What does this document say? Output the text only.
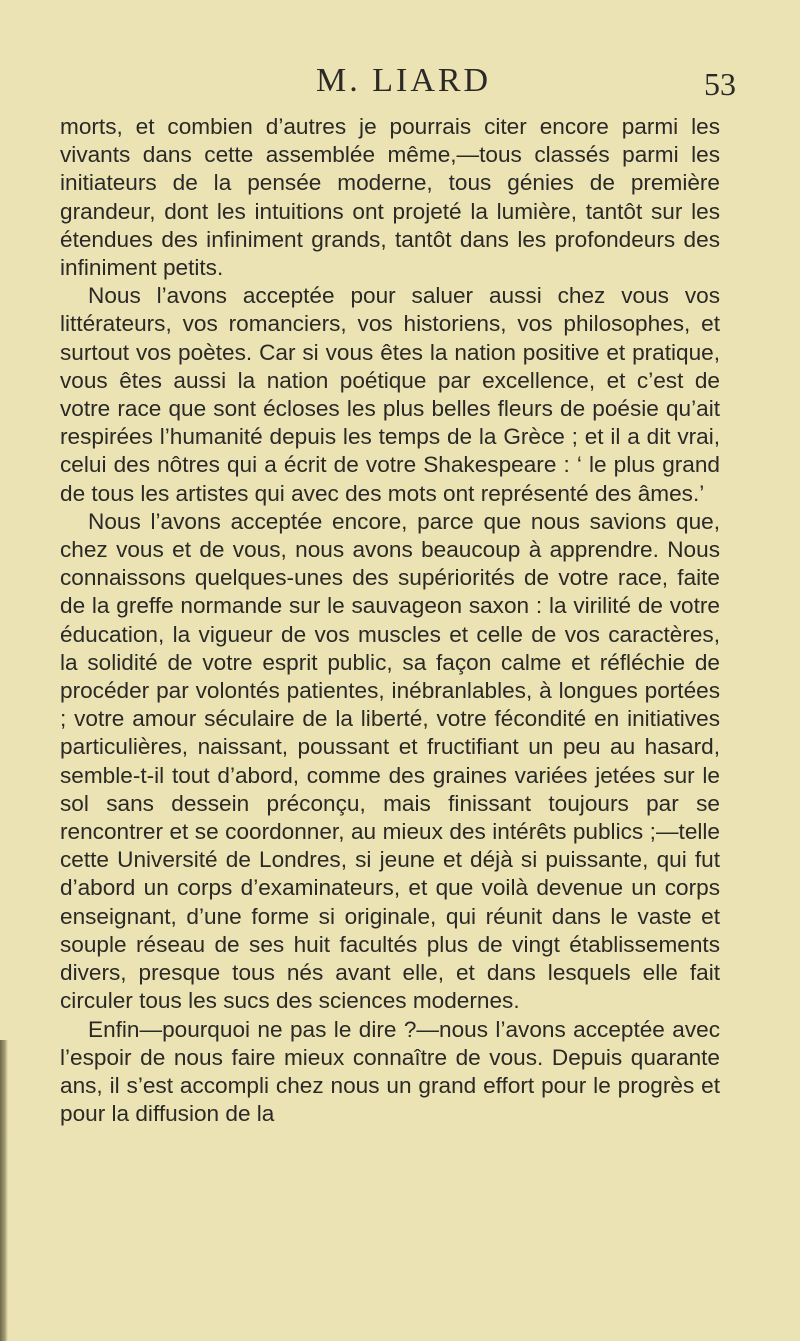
M. LIARD	53

morts, et combien d’autres je pourrais citer encore parmi les vivants dans cette assemblée même,—tous classés parmi les initiateurs de la pensée moderne, tous génies de première grandeur, dont les intuitions ont projeté la lumière, tantôt sur les étendues des infiniment grands, tantôt dans les profondeurs des infiniment petits.

Nous l’avons acceptée pour saluer aussi chez vous vos littérateurs, vos romanciers, vos historiens, vos philosophes, et surtout vos poètes. Car si vous êtes la nation positive et pratique, vous êtes aussi la nation poétique par excellence, et c’est de votre race que sont écloses les plus belles fleurs de poésie qu’ait respirées l’humanité depuis les temps de la Grèce ; et il a dit vrai, celui des nôtres qui a écrit de votre Shakespeare : ‘ le plus grand de tous les artistes qui avec des mots ont représenté des âmes.’

Nous l’avons acceptée encore, parce que nous savions que, chez vous et de vous, nous avons beaucoup à apprendre. Nous connaissons quelques-unes des supériorités de votre race, faite de la greffe normande sur le sauvageon saxon : la virilité de votre éducation, la vigueur de vos muscles et celle de vos caractères, la solidité de votre esprit public, sa façon calme et réfléchie de procéder par volontés patientes, inébranlables, à longues portées ; votre amour séculaire de la liberté, votre fécondité en initiatives particulières, naissant, poussant et fructifiant un peu au hasard, semble-t-il tout d’abord, comme des graines variées jetées sur le sol sans dessein préconçu, mais finissant toujours par se rencontrer et se coordonner, au mieux des intérêts publics ;—telle cette Université de Londres, si jeune et déjà si puissante, qui fut d’abord un corps d’examinateurs, et que voilà devenue un corps enseignant, d’une forme si originale, qui réunit dans le vaste et souple réseau de ses huit facultés plus de vingt établissements divers, presque tous nés avant elle, et dans lesquels elle fait circuler tous les sucs des sciences modernes.

Enfin—pourquoi ne pas le dire ?—nous l’avons acceptée avec l’espoir de nous faire mieux connaître de vous. Depuis quarante ans, il s’est accompli chez nous un grand effort pour le progrès et pour la diffusion de la
